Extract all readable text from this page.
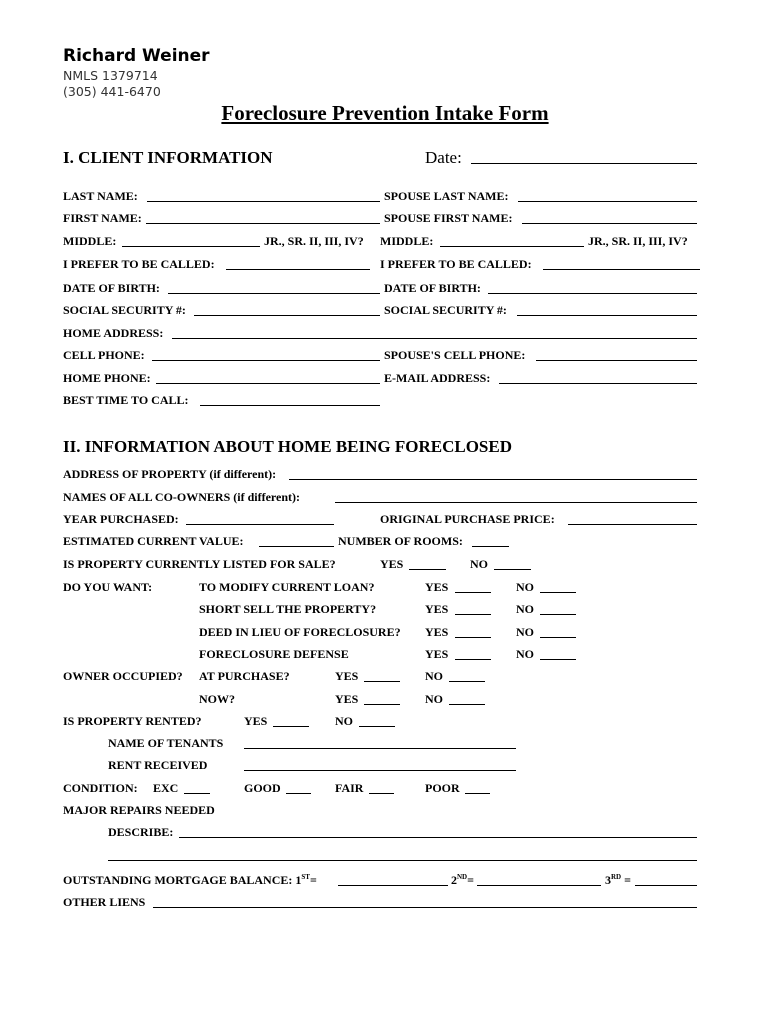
Richard Weiner
NMLS 1379714
(305) 441-6470
Foreclosure Prevention Intake Form
I. CLIENT INFORMATION	Date:
LAST NAME:	SPOUSE LAST NAME:
FIRST NAME:	SPOUSE FIRST NAME:
MIDDLE:	JR., SR. II, III, IV? MIDDLE:	JR., SR. II, III, IV?
I PREFER TO BE CALLED:	I PREFER TO BE CALLED:
DATE OF BIRTH:	DATE OF BIRTH:
SOCIAL SECURITY #:	SOCIAL SECURITY #:
HOME ADDRESS:
CELL PHONE:	SPOUSE'S CELL PHONE:
HOME PHONE:	E-MAIL ADDRESS:
BEST TIME TO CALL:
II. INFORMATION ABOUT HOME BEING FORECLOSED
ADDRESS OF PROPERTY (if different):
NAMES OF ALL CO-OWNERS (if different):
YEAR PURCHASED:	ORIGINAL PURCHASE PRICE:
ESTIMATED CURRENT VALUE:	NUMBER OF ROOMS:
IS PROPERTY CURRENTLY LISTED FOR SALE?	YES	NO
DO YOU WANT:	TO MODIFY CURRENT LOAN?	YES	NO
SHORT SELL THE PROPERTY?	YES	NO
DEED IN LIEU OF FORECLOSURE? YES	NO
FORECLOSURE DEFENSE	YES	NO
OWNER OCCUPIED? AT PURCHASE?	YES	NO
NOW?	YES	NO
IS PROPERTY RENTED?	YES	NO
NAME OF TENANTS
RENT RECEIVED
CONDITION: EXC	GOOD	FAIR	POOR
MAJOR REPAIRS NEEDED
DESCRIBE:
OUTSTANDING MORTGAGE BALANCE: 1ST=	2ND=	3RD =
OTHER LIENS
